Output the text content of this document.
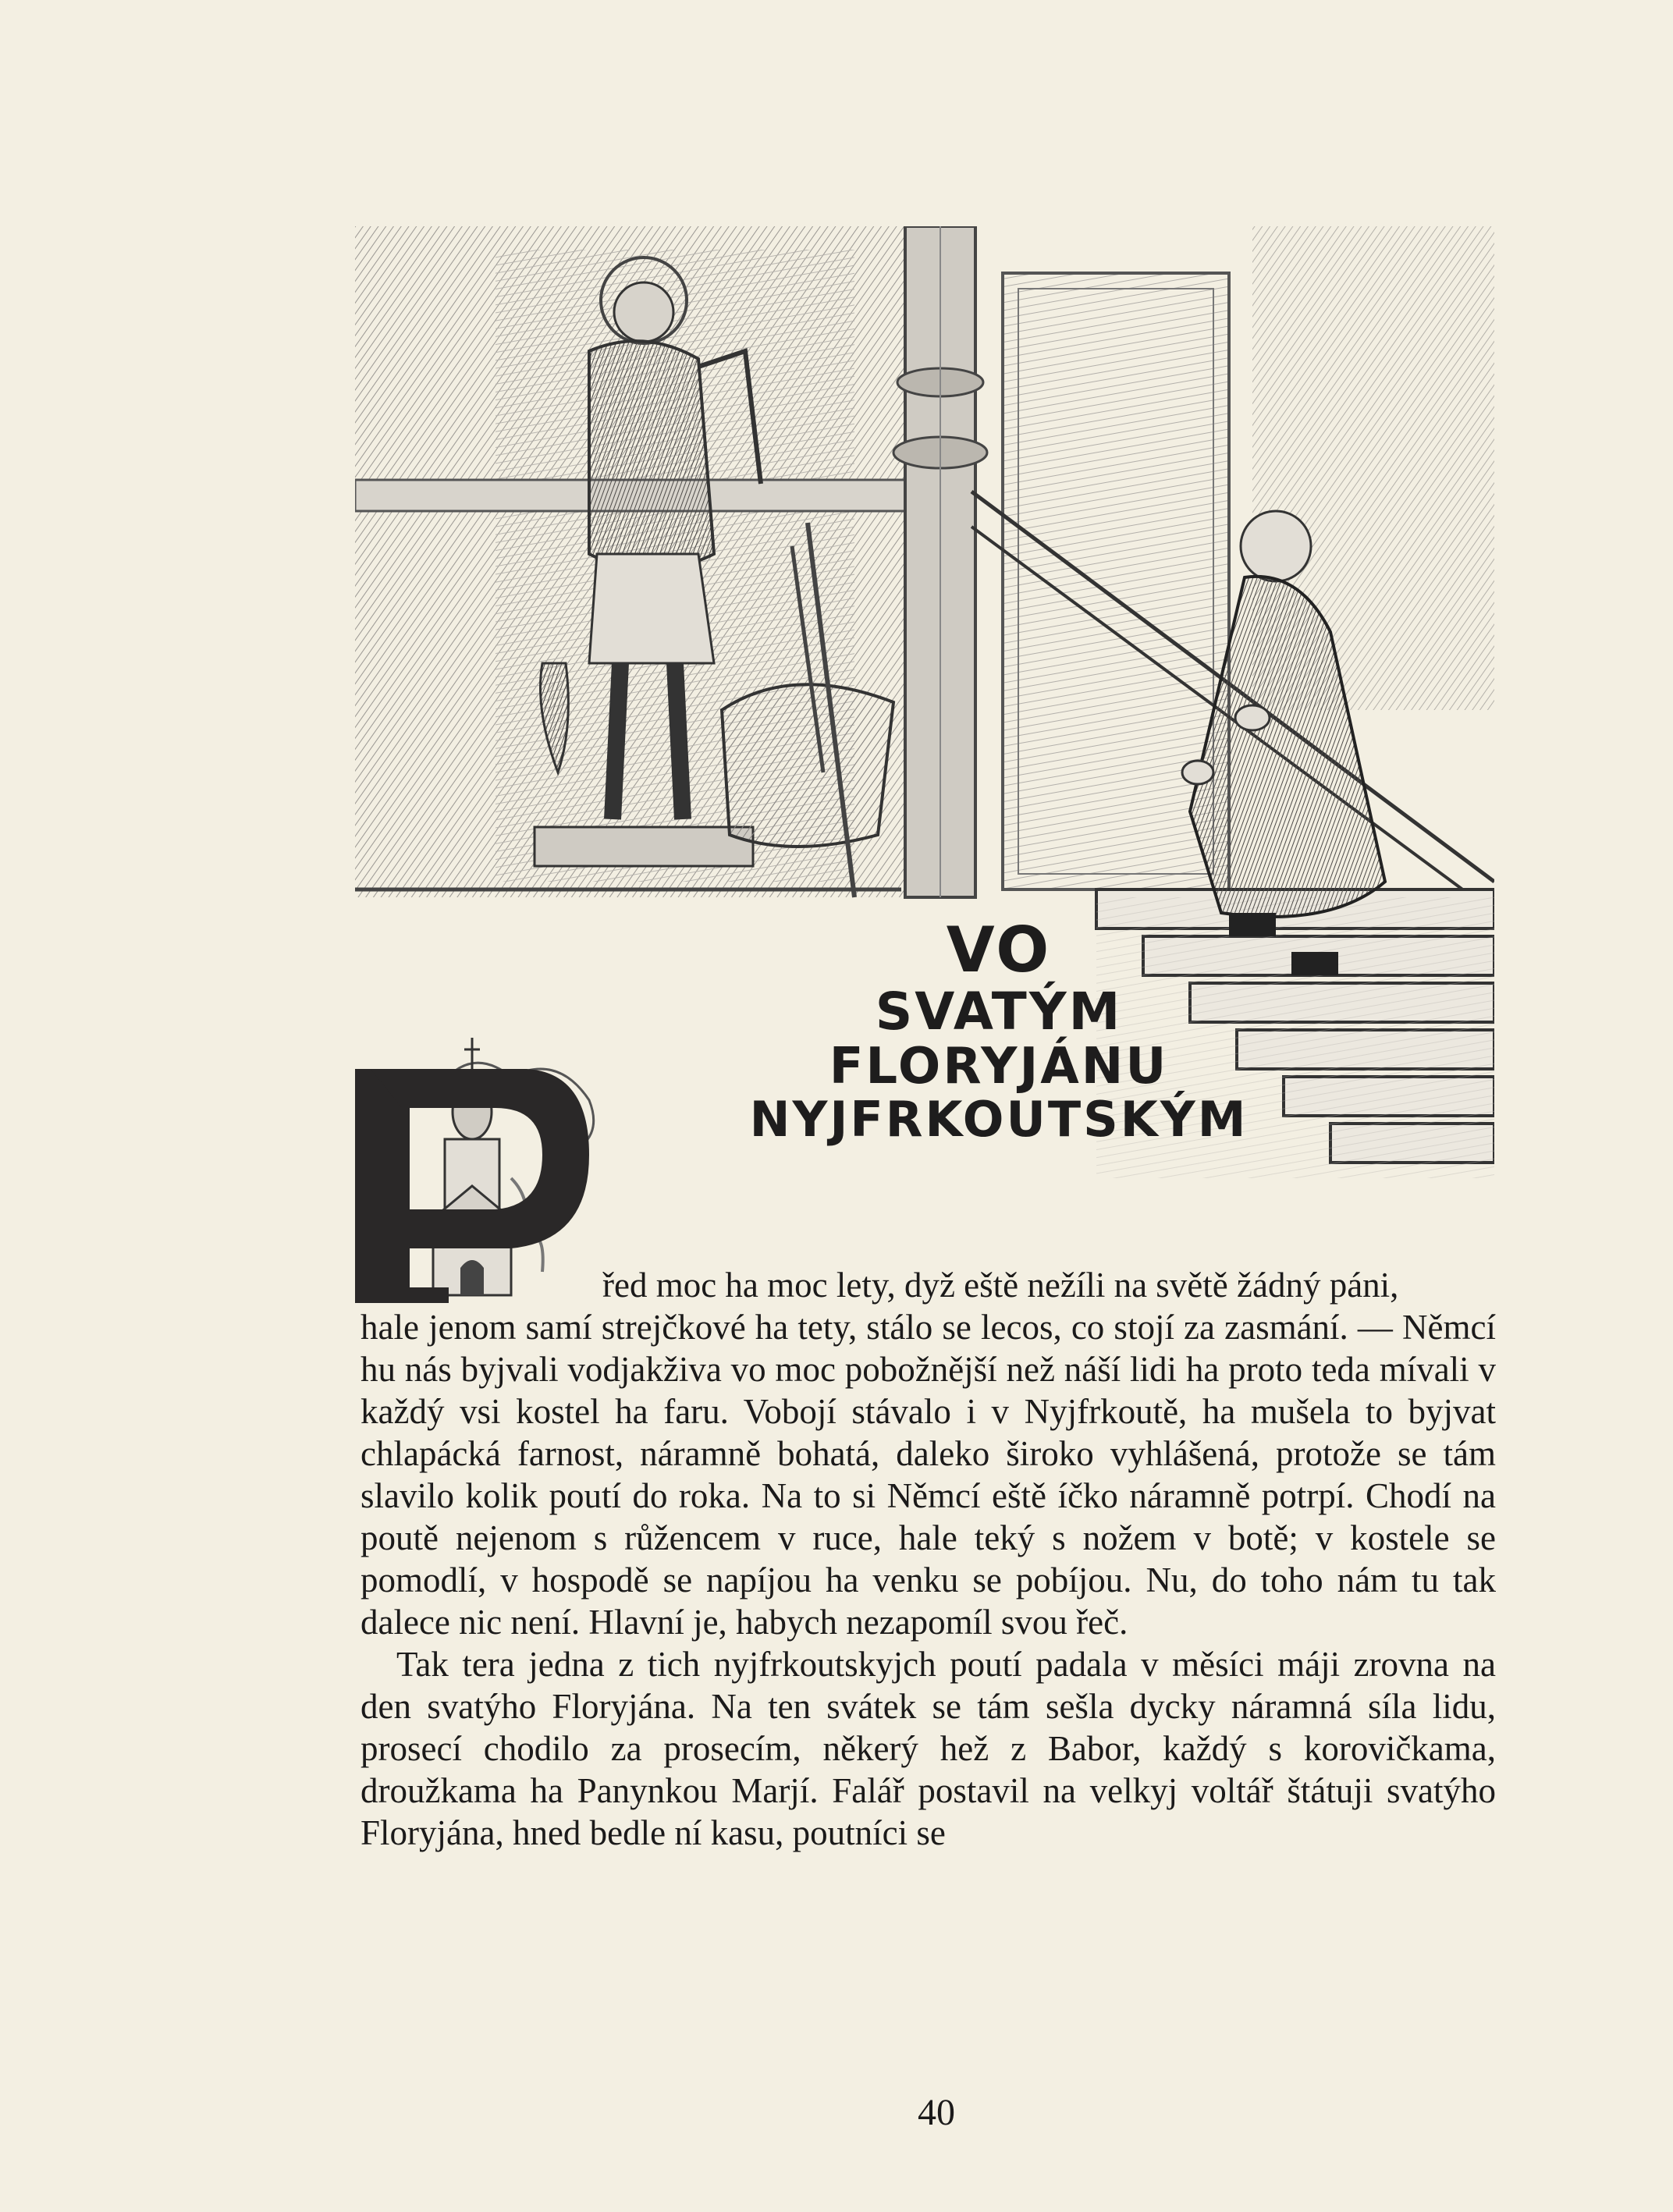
VO
SVATÝM
FLORYJÁNU
NYJFRKOUTSKÝM

řed moc ha moc lety, dyž eště nežíli na světě žádný páni,

hale jenom samí strejčkové ha tety, stálo se lecos, co stojí za zasmání. — Němcí hu nás byjvali vodjakživa vo moc pobožnější než náší lidi ha proto teda mívali v každý vsi kostel ha faru. Vobojí stávalo i v Nyjfrkoutě, ha mušela to byjvat chlapácká farnost, náramně bohatá, daleko široko vyhlášená, protože se tám slavilo kolik poutí do roka. Na to si Němcí eště íčko náramně potrpí. Chodí na poutě nejenom s růžencem v ruce, hale teký s nožem v botě; v kostele se pomodlí, v hospodě se napíjou ha venku se pobíjou. Nu, do toho nám tu tak dalece nic není. Hlavní je, habych nezapomíl svou řeč.

Tak tera jedna z tich nyjfrkoutskyjch poutí padala v měsíci máji zrovna na den svatýho Floryjána. Na ten svátek se tám sešla dycky náramná síla lidu, prosecí chodilo za prosecím, někerý hež z Babor, každý s korovičkama, droužkama ha Panynkou Marjí. Falář postavil na velkyj voltář štátuji svatýho Floryjána, hned bedle ní kasu, poutníci se

40
